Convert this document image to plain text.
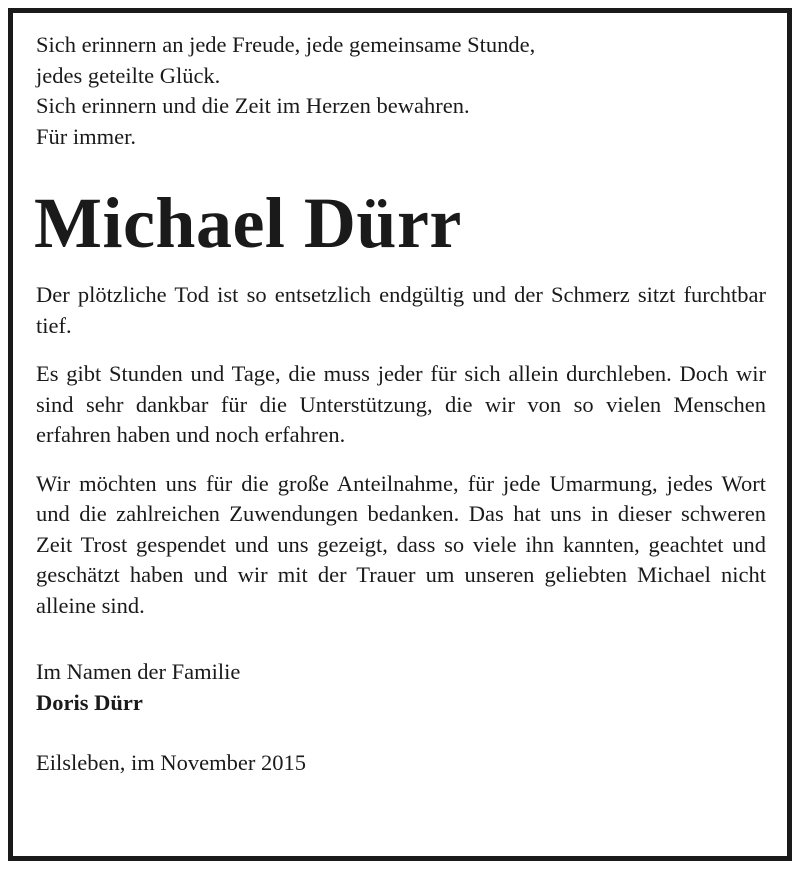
Sich erinnern an jede Freude, jede gemeinsame Stunde,

jedes geteilte Glück.

Sich erinnern und die Zeit im Herzen bewahren.

Für immer.

Michael Dürr

Der plötzliche Tod ist so entsetzlich endgültig und der Schmerz sitzt furchtbar tief.

Es gibt Stunden und Tage, die muss jeder für sich allein durchleben. Doch wir sind sehr dankbar für die Unterstützung, die wir von so vielen Menschen erfahren haben und noch erfahren.

Wir möchten uns für die große Anteilnahme, für jede Umarmung, jedes Wort und die zahlreichen Zuwendungen bedanken. Das hat uns in dieser schweren Zeit Trost gespendet und uns gezeigt, dass so viele ihn kannten, geachtet und geschätzt haben und wir mit der Trauer um unseren geliebten Michael nicht alleine sind.

Im Namen der Familie

Doris Dürr

Eilsleben, im November 2015
